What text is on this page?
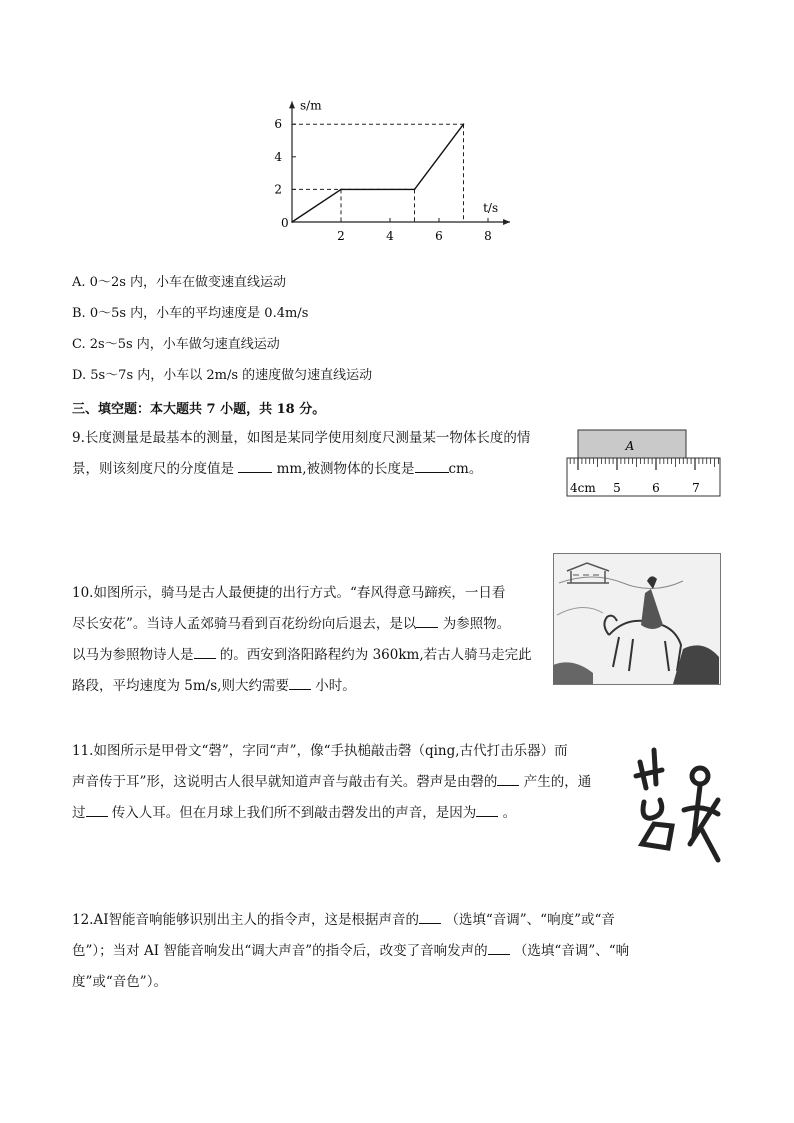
s/m
t/s
0
2	4	6	8
2
4
6
A. 0～2s 内，小车在做变速直线运动
B. 0～5s 内，小车的平均速度是 0.4m/s
C. 2s～5s 内，小车做匀速直线运动
D. 5s～7s 内，小车以 2m/s 的速度做匀速直线运动
三、填空题：本大题共 7 小题，共 18 分。
9.长度测量是最基本的测量，如图是某同学使用刻度尺测量某一物体长度的情
景，则该刻度尺的分度值是	mm,被测物体的长度是	cm。
A
4cm 5	6	7
10.如图所示，骑马是古人最便捷的出行方式。“春风得意马蹄疾，一日看
尽长安花”。当诗人孟郊骑马看到百花纷纷向后退去，是以 为参照物。
以马为参照物诗人是 的。西安到洛阳路程约为 360km,若古人骑马走完此
路段，平均速度为 5m/s,则大约需要 小时。
11.如图所示是甲骨文“磬”，字同“声”，像“手执槌敲击磬（qing,古代打击乐器）而
声音传于耳”形，这说明古人很早就知道声音与敲击有关。磬声是由磬的 产生的，通
过 传入人耳。但在月球上我们所不到敲击磬发出的声音，是因为 。
12.AI智能音响能够识别出主人的指令声，这是根据声音的 （选填“音调”、“响度”或“音
色”）；当对 AI 智能音响发出“调大声音”的指令后，改变了音响发声的 （选填“音调”、“响
度”或“音色”）。
